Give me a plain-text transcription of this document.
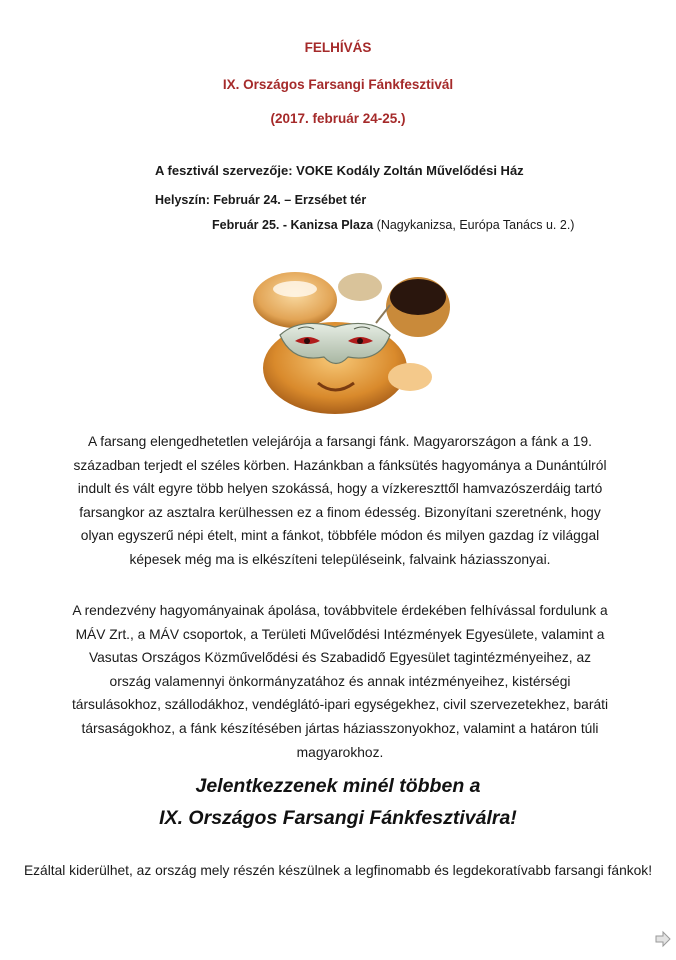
FELHÍVÁS
IX. Országos Farsangi Fánkfesztivál
(2017. február 24-25.)
A fesztivál szervezője: VOKE Kodály Zoltán Művelődési Ház
Helyszín: Február 24. – Erzsébet tér
Február 25. - Kanizsa Plaza (Nagykanizsa, Európa Tanács u. 2.)
A farsang elengedhetetlen velejárója a farsangi fánk. Magyarországon a fánk a 19. században terjedt el széles körben. Hazánkban a fánksütés hagyománya a Dunántúlról indult és vált egyre több helyen szokássá, hogy a vízkereszttől hamvazószerdáig tartó farsangkor az asztalra kerülhessen ez a finom édesség. Bizonyítani szeretnénk, hogy olyan egyszerű népi ételt, mint a fánkot, többféle módon és milyen gazdag íz világgal képesek még ma is elkészíteni településeink, falvaink háziasszonyai.
A rendezvény hagyományainak ápolása, továbbvitele érdekében felhívással fordulunk a MÁV Zrt., a MÁV csoportok, a Területi Művelődési Intézmények Egyesülete, valamint a Vasutas Országos Közművelődési és Szabadidő Egyesület tagintézményeihez, az ország valamennyi önkormányzatához és annak intézményeihez, kistérségi társulásokhoz, szállodákhoz, vendéglátó-ipari egységekhez, civil szervezetekhez, baráti társaságokhoz, a fánk készítésében jártas háziasszonyokhoz, valamint a határon túli magyarokhoz.
Jelentkezzenek minél többen a
IX. Országos Farsangi Fánkfesztiválra!
Ezáltal kiderülhet, az ország mely részén készülnek a legfinomabb és legdekoratívabb farsangi fánkok!
